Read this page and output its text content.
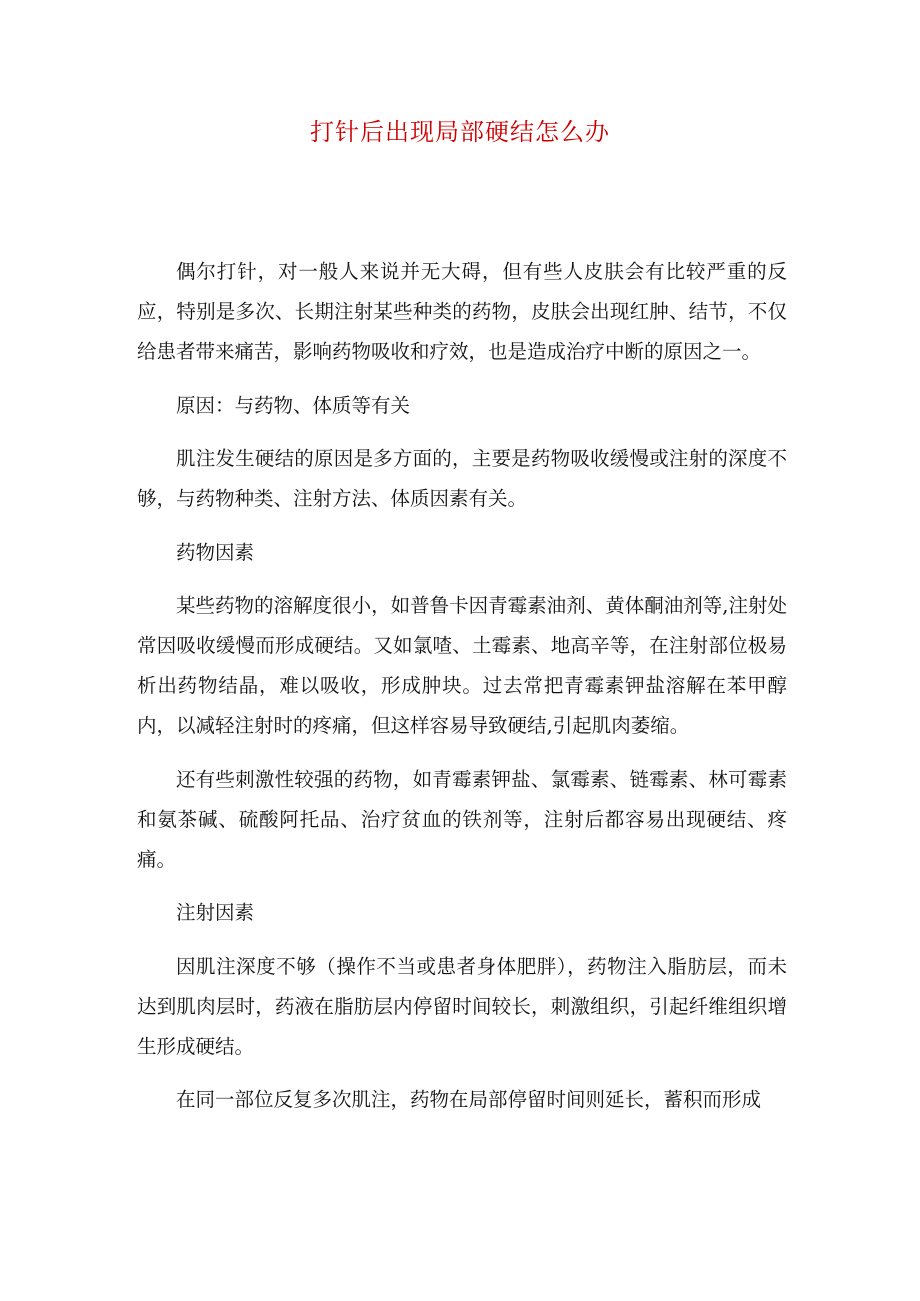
打针后出现局部硬结怎么办

偶尔打针，对一般人来说并无大碍，但有些人皮肤会有比较严重的反应，特别是多次、长期注射某些种类的药物，皮肤会出现红肿、结节，不仅给患者带来痛苦，影响药物吸收和疗效，也是造成治疗中断的原因之一。

原因：与药物、体质等有关

肌注发生硬结的原因是多方面的，主要是药物吸收缓慢或注射的深度不够，与药物种类、注射方法、体质因素有关。

药物因素

某些药物的溶解度很小，如普鲁卡因青霉素油剂、黄体酮油剂等,注射处常因吸收缓慢而形成硬结。又如氯喳、土霉素、地高辛等，在注射部位极易析出药物结晶，难以吸收，形成肿块。过去常把青霉素钾盐溶解在苯甲醇内，以减轻注射时的疼痛，但这样容易导致硬结,引起肌肉萎缩。

还有些刺激性较强的药物，如青霉素钾盐、氯霉素、链霉素、林可霉素和氨茶碱、硫酸阿托品、治疗贫血的铁剂等，注射后都容易出现硬结、疼痛。

注射因素

因肌注深度不够（操作不当或患者身体肥胖），药物注入脂肪层，而未达到肌肉层时，药液在脂肪层内停留时间较长，刺激组织，引起纤维组织增生形成硬结。

在同一部位反复多次肌注，药物在局部停留时间则延长，蓄积而形成
